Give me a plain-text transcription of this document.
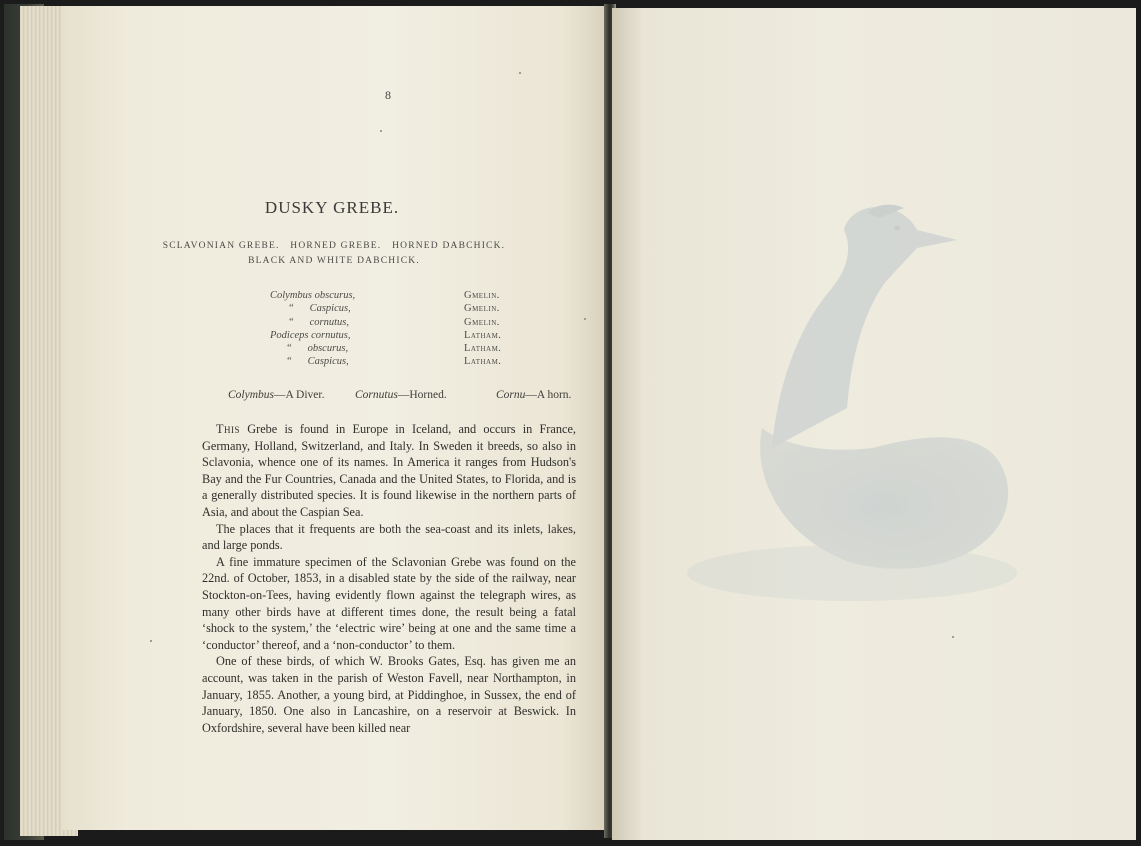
8
DUSKY GREBE.
SCLAVONIAN GREBE.   HORNED GREBE.   HORNED DABCHICK.
BLACK AND WHITE DABCHICK.
Colymbus obscurus,	Gmelin.
“      Caspicus,	Gmelin.
“      cornutus,	Gmelin.
Podiceps cornutus,	Latham.
“      obscurus,	Latham.
“      Caspicus,	Latham.
Colymbus—A Diver.	Cornutus—Horned.	Cornu—A horn.

This Grebe is found in Europe in Iceland, and occurs in France, Germany, Holland, Switzerland, and Italy. In Sweden it breeds, so also in Sclavonia, whence one of its names. In America it ranges from Hudson's Bay and the Fur Countries, Canada and the United States, to Florida, and is a generally distributed species. It is found likewise in the northern parts of Asia, and about the Caspian Sea.

The places that it frequents are both the sea-coast and its inlets, lakes, and large ponds.

A fine immature specimen of the Sclavonian Grebe was found on the 22nd. of October, 1853, in a disabled state by the side of the railway, near Stockton-on-Tees, having evidently flown against the telegraph wires, as many other birds have at different times done, the result being a fatal ‘shock to the system,’ the ‘electric wire’ being at one and the same time a ‘conductor’ thereof, and a ‘non-conductor’ to them.

One of these birds, of which W. Brooks Gates, Esq. has given me an account, was taken in the parish of Weston Favell, near Northampton, in January, 1855. Another, a young bird, at Piddinghoe, in Sussex, the end of January, 1850. One also in Lancashire, on a reservoir at Beswick. In Oxfordshire, several have been killed near
